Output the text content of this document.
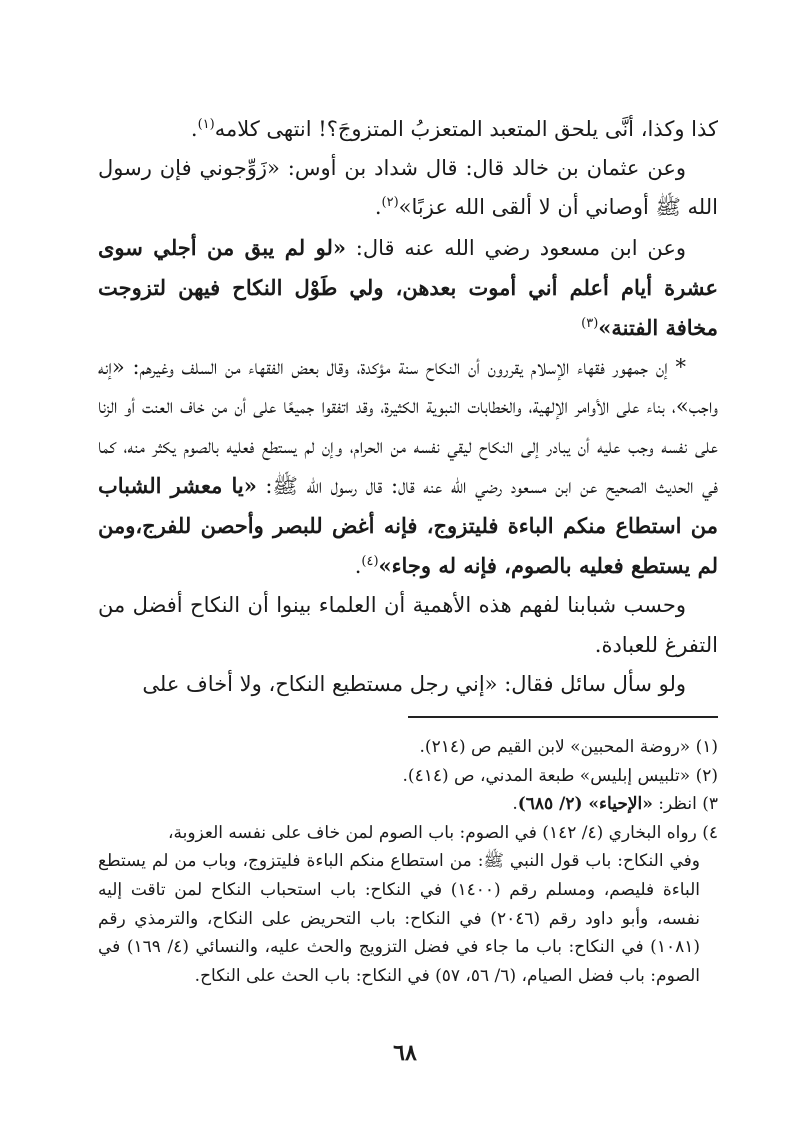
كذا وكذا، أنَّى يلحق المتعبد المتعزبُ المتزوجَ؟! انتهى كلامه$^{(١)}$.

وعن عثمان بن خالد قال: قال شداد بن أوس: «زَوِّجوني فإن رسول الله ﷺ أوصاني أن لا ألقى الله عزبًا»$^{(٢)}$.

وعن ابن مسعود رضي الله عنه قال: «لو لم يبق من أجلي سوى عشرة أيام أعلم أني أموت بعدهن، ولي طَوْل النكاح فيهن لتزوجت مخافة الفتنة»$^{(٣)}$

* إن جمهور فقهاء الإسلام يقررون أن النكاح سنة مؤكدة، وقال بعض الفقهاء من السلف وغيرهم: «إنه واجب»، بناء على الأوامر الإلهية، والخطابات النبوية الكثيرة، وقد اتفقوا جميعًا على أن من خاف العنت أو الزنا على نفسه وجب عليه أن يبادر إلى النكاح ليقي نفسه من الحرام، وإن لم يستطع فعليه بالصوم يكثر منه، كما في الحديث الصحيح عن ابن مسعود رضي الله عنه قال: قال رسول الله ﷺ: «يا معشر الشباب من استطاع منكم الباءة فليتزوج، فإنه أغض للبصر وأحصن للفرج،ومن لم يستطع فعليه بالصوم، فإنه له وجاء»$^{(٤)}$.

وحسب شبابنا لفهم هذه الأهمية أن العلماء بينوا أن النكاح أفضل من التفرغ للعبادة.

ولو سأل سائل فقال: «إني رجل مستطيع النكاح، ولا أخاف على

(١) «روضة المحبين» لابن القيم ص (٢١٤).

(٢) «تلبيس إبليس» طبعة المدني، ص (٤١٤).

٣) انظر: «الإحياء» (٢/ ٦٨٥).

٤) رواه البخاري (٤/ ١٤٢) في الصوم: باب الصوم لمن خاف على نفسه العزوبة،

وفي النكاح: باب قول النبي ﷺ: من استطاع منكم الباءة فليتزوج، وباب من لم يستطع الباءة فليصم، ومسلم رقم (١٤٠٠) في النكاح: باب استحباب النكاح لمن تاقت إليه نفسه، وأبو داود رقم (٢٠٤٦) في النكاح: باب التحريض على النكاح، والترمذي رقم (١٠٨١) في النكاح: باب ما جاء في فضل التزويج والحث عليه، والنسائي (٤/ ١٦٩) في الصوم: باب فضل الصيام، (٦/ ٥٦، ٥٧) في النكاح: باب الحث على النكاح.

٦٨
